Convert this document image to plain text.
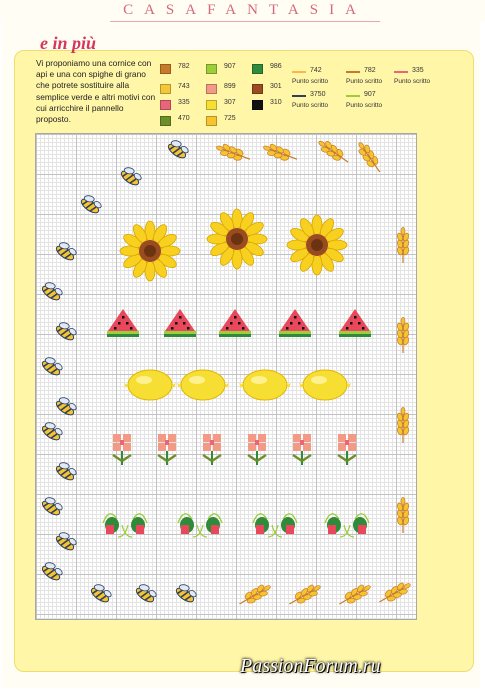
CASAFANTASIA
e in più
Vi proponiamo una cornice con api e una con spighe di grano che potrete sostituire alla semplice verde e altri motivi con cui arricchire il pannello proposto.
782
743
335
470
907
899
307
725
986
301
310
742
Punto scritto
782
Punto scritto
335
Punto scritto
3750
Punto scritto
907
Punto scritto
PassionForum.ru
